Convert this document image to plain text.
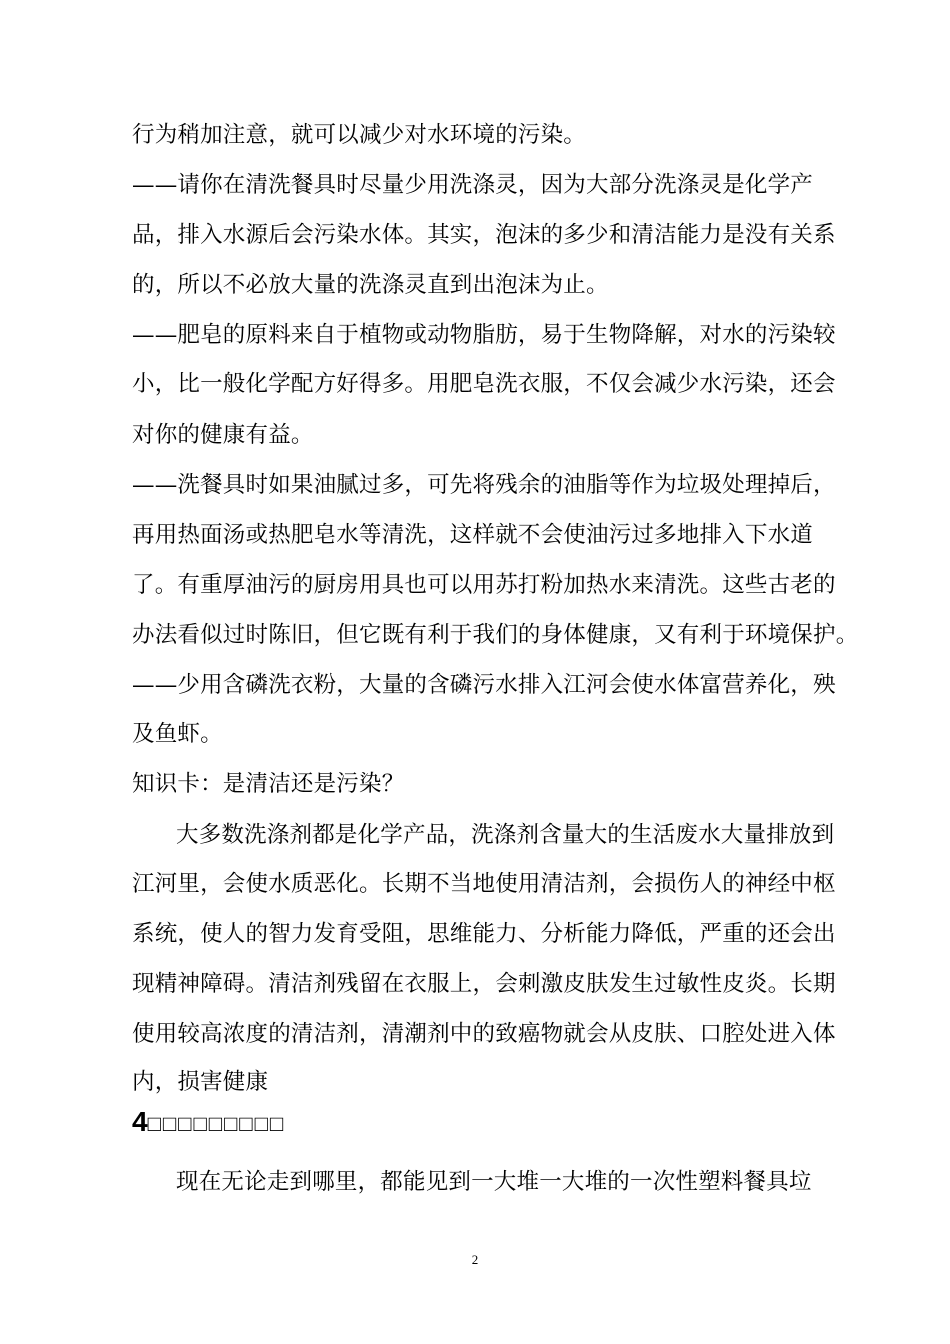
行为稍加注意，就可以减少对水环境的污染。
——请你在清洗餐具时尽量少用洗涤灵，因为大部分洗涤灵是化学产
品，排入水源后会污染水体。其实，泡沫的多少和清洁能力是没有关系
的，所以不必放大量的洗涤灵直到出泡沫为止。
——肥皂的原料来自于植物或动物脂肪，易于生物降解，对水的污染较
小，比一般化学配方好得多。用肥皂洗衣服，不仅会减少水污染，还会
对你的健康有益。
——洗餐具时如果油腻过多，可先将残余的油脂等作为垃圾处理掉后，
再用热面汤或热肥皂水等清洗，这样就不会使油污过多地排入下水道
了。有重厚油污的厨房用具也可以用苏打粉加热水来清洗。这些古老的
办法看似过时陈旧，但它既有利于我们的身体健康，又有利于环境保护。
——少用含磷洗衣粉，大量的含磷污水排入江河会使水体富营养化，殃
及鱼虾。
知识卡：是清洁还是污染？
大多数洗涤剂都是化学产品，洗涤剂含量大的生活废水大量排放到
江河里，会使水质恶化。长期不当地使用清洁剂，会损伤人的神经中枢
系统，使人的智力发育受阻，思维能力、分析能力降低，严重的还会出
现精神障碍。清洁剂残留在衣服上，会刺激皮肤发生过敏性皮炎。长期
使用较高浓度的清洁剂，清潮剂中的致癌物就会从皮肤、口腔处进入体
内，损害健康
4□□□□□□□□□
现在无论走到哪里，都能见到一大堆一大堆的一次性塑料餐具垃
2
